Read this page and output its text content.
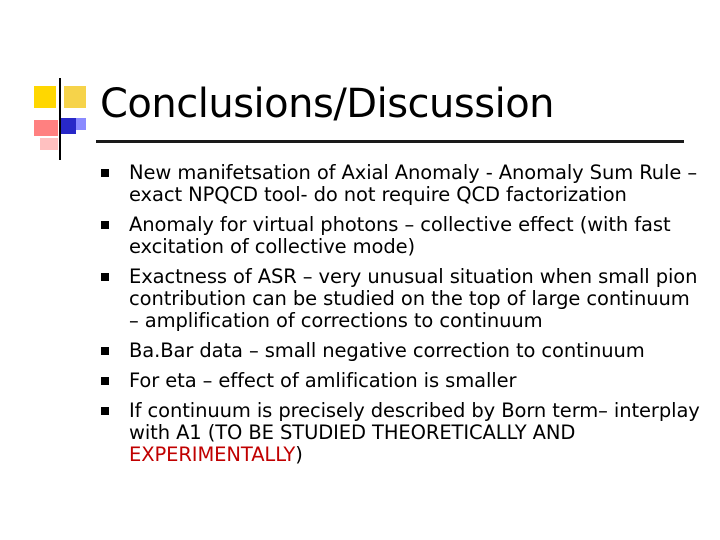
Conclusions/Discussion
New manifetsation of Axial Anomaly - Anomaly Sum Rule – exact NPQCD tool- do not require QCD factorization
Anomaly for virtual photons – collective effect (with fast excitation of collective mode)
Exactness of ASR – very unusual situation when small pion contribution can be studied on the top of large continuum – amplification of corrections to continuum
Ba.Bar data – small negative correction to continuum
For eta – effect of amlification is smaller
If continuum is precisely described by Born term– interplay with A1 (TO BE STUDIED THEORETICALLY AND EXPERIMENTALLY)
